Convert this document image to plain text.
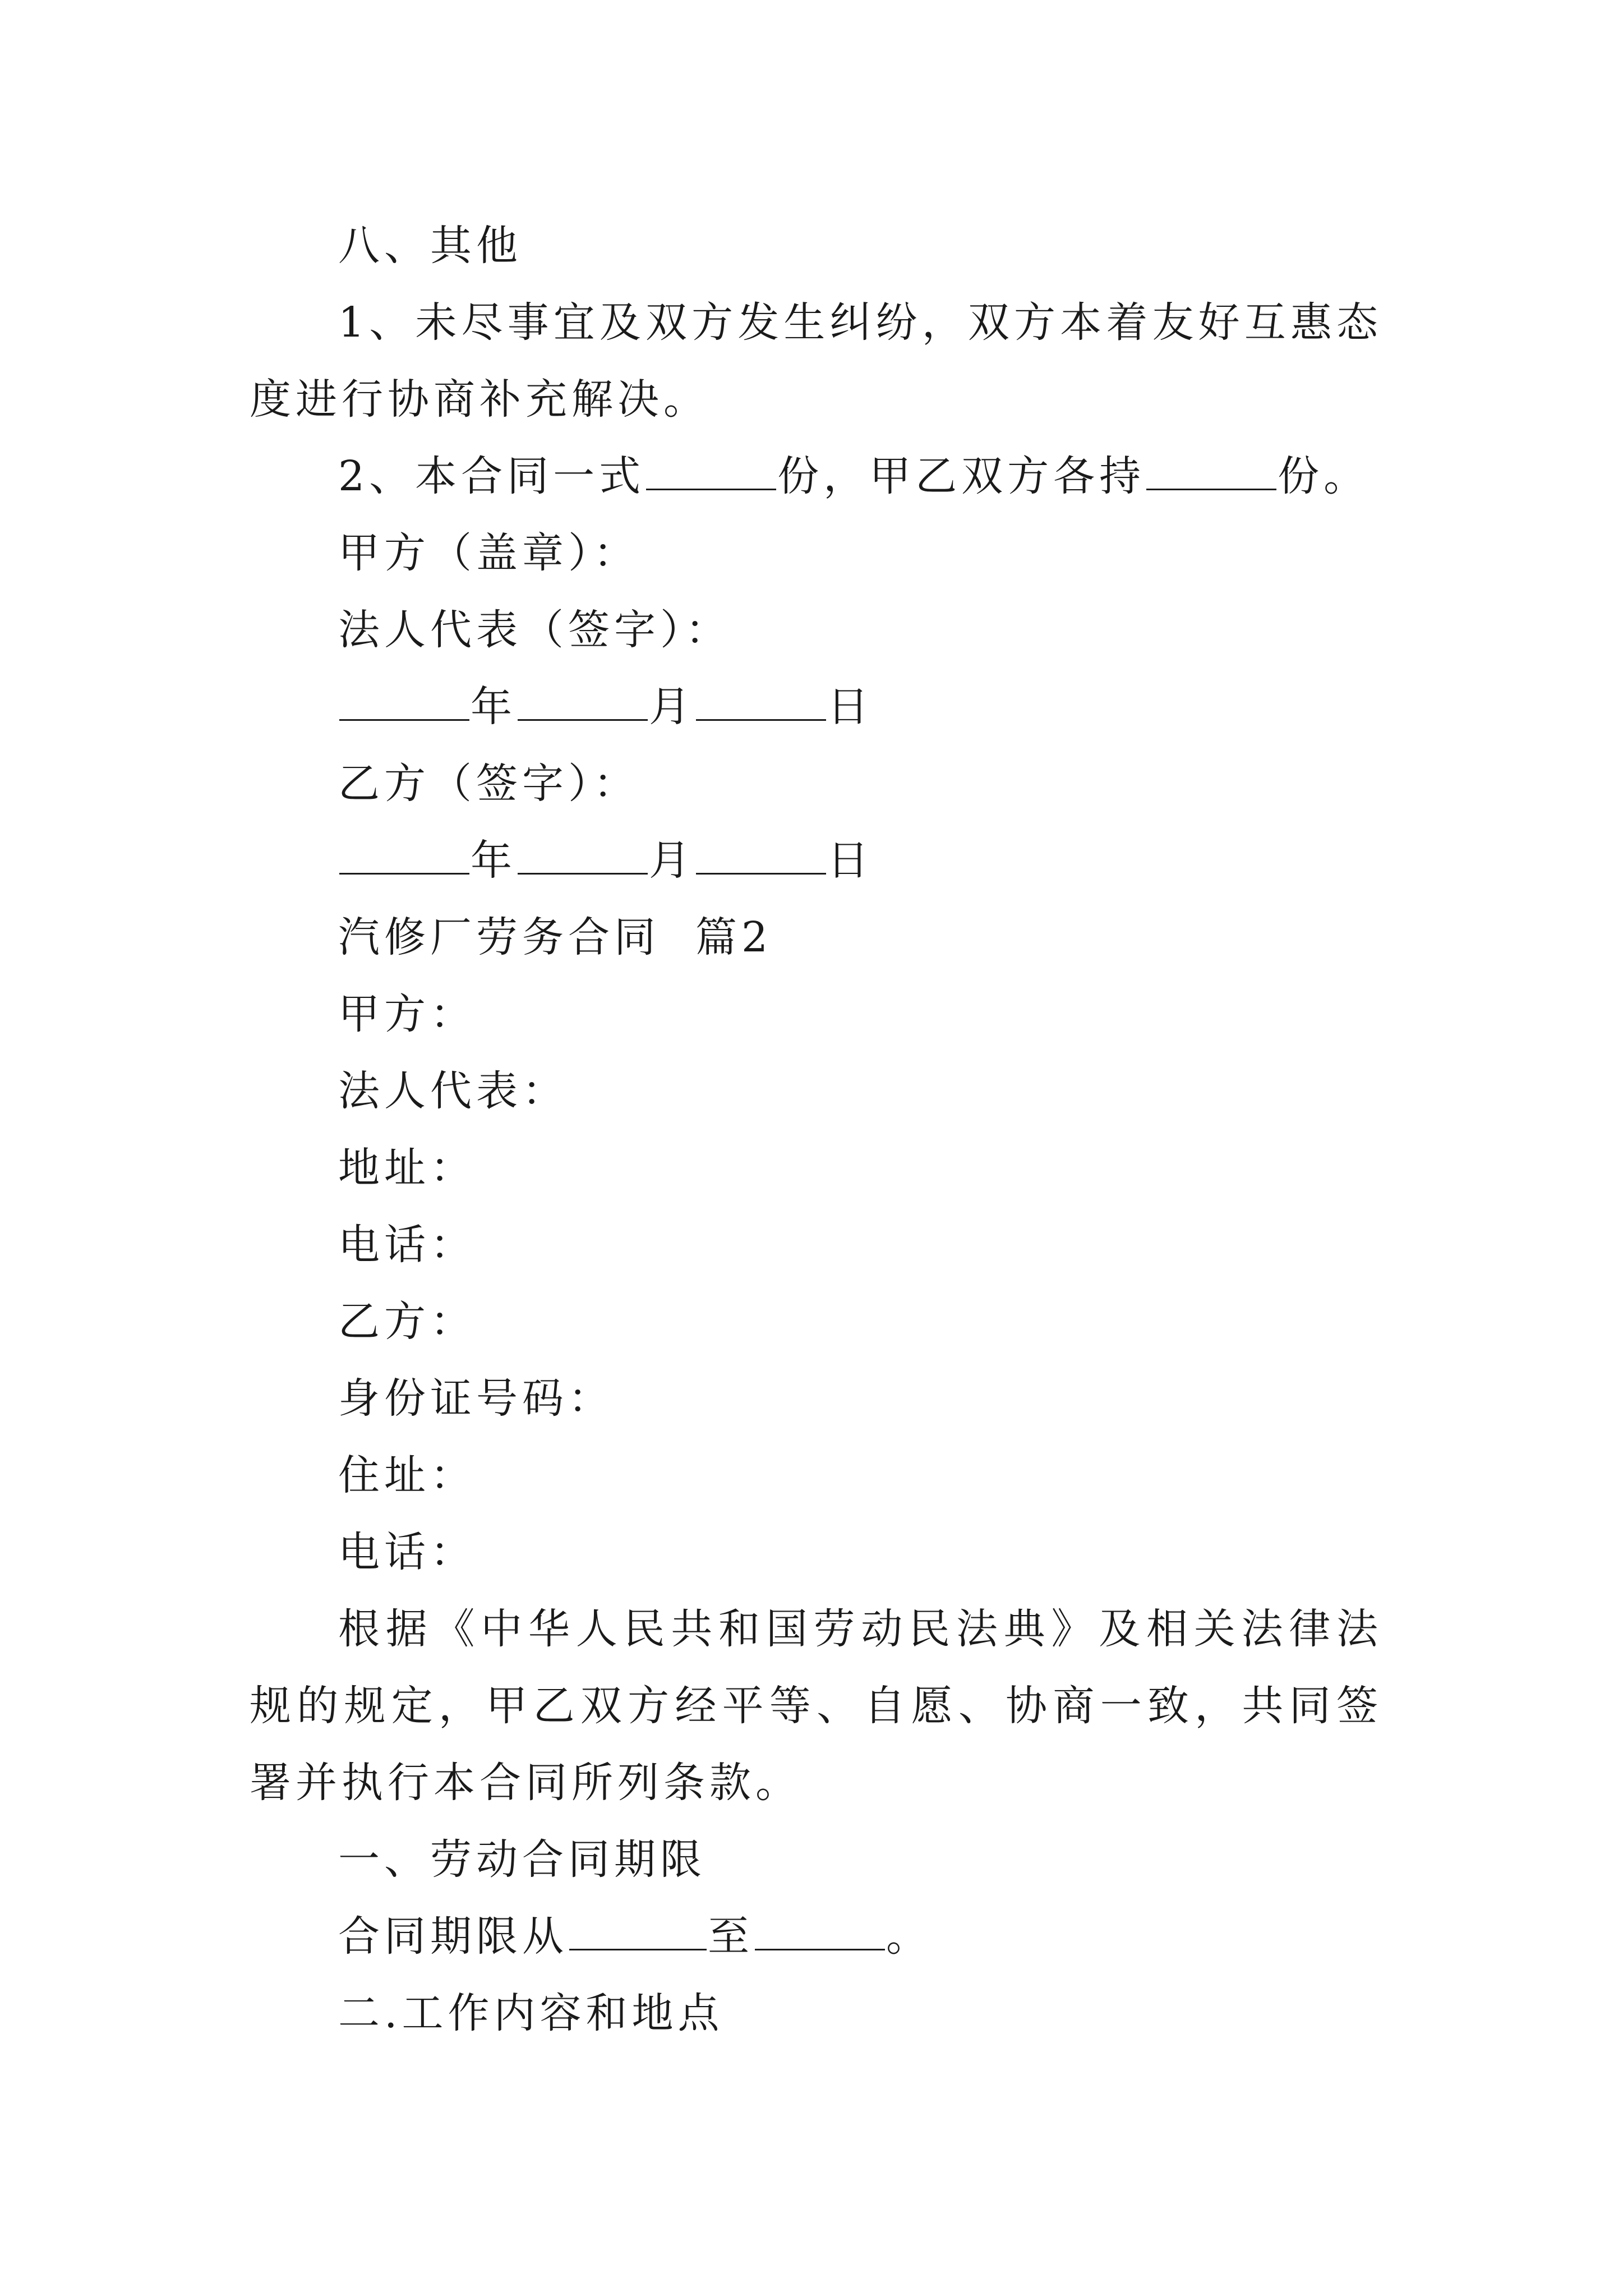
八、其他

1、未尽事宜及双方发生纠纷，双方本着友好互惠态度进行协商补充解决。

2、本合同一式	份，甲乙双方各持	份。
甲方（盖章）：
法人代表（签字）：
年	月	日
乙方（签字）：
年	月	日
汽修厂劳务合同  篇2
甲方：
法人代表：
地址：
电话：
乙方：
身份证号码：
住址：
电话：

根据《中华人民共和国劳动民法典》及相关法律法规的规定，甲乙双方经平等、自愿、协商一致，共同签署并执行本合同所列条款。

一、劳动合同期限
合同期限从	至	。
二.工作内容和地点
